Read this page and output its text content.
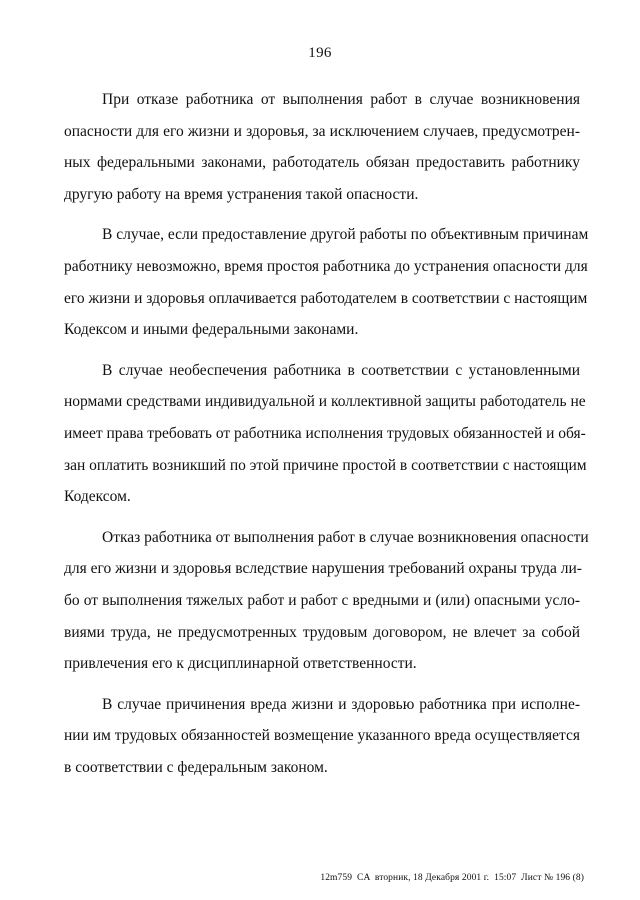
196
При отказе работника от выполнения работ в случае возникновения
опасности для его жизни и здоровья, за исключением случаев, предусмотрен-
ных федеральными законами, работодатель обязан предоставить работнику
другую работу на время устранения такой опасности.
В случае, если предоставление другой работы по объективным причинам
работнику невозможно, время простоя работника до устранения опасности для
его жизни и здоровья оплачивается работодателем в соответствии с настоящим
Кодексом и иными федеральными законами.
В случае необеспечения работника в соответствии с установленными
нормами средствами индивидуальной и коллективной защиты работодатель не
имеет права требовать от работника исполнения трудовых обязанностей и обя-
зан оплатить возникший по этой причине простой в соответствии с настоящим
Кодексом.
Отказ работника от выполнения работ в случае возникновения опасности
для его жизни и здоровья вследствие нарушения требований охраны труда ли-
бо от выполнения тяжелых работ и работ с вредными и (или) опасными усло-
виями труда, не предусмотренных трудовым договором, не влечет за собой
привлечения его к дисциплинарной ответственности.
В случае причинения вреда жизни и здоровью работника при исполне-
нии им трудовых обязанностей возмещение указанного вреда осуществляется
в соответствии с федеральным законом.
12m759  CA  вторник, 18 Декабря 2001 г.  15:07  Лист № 196 (8)
